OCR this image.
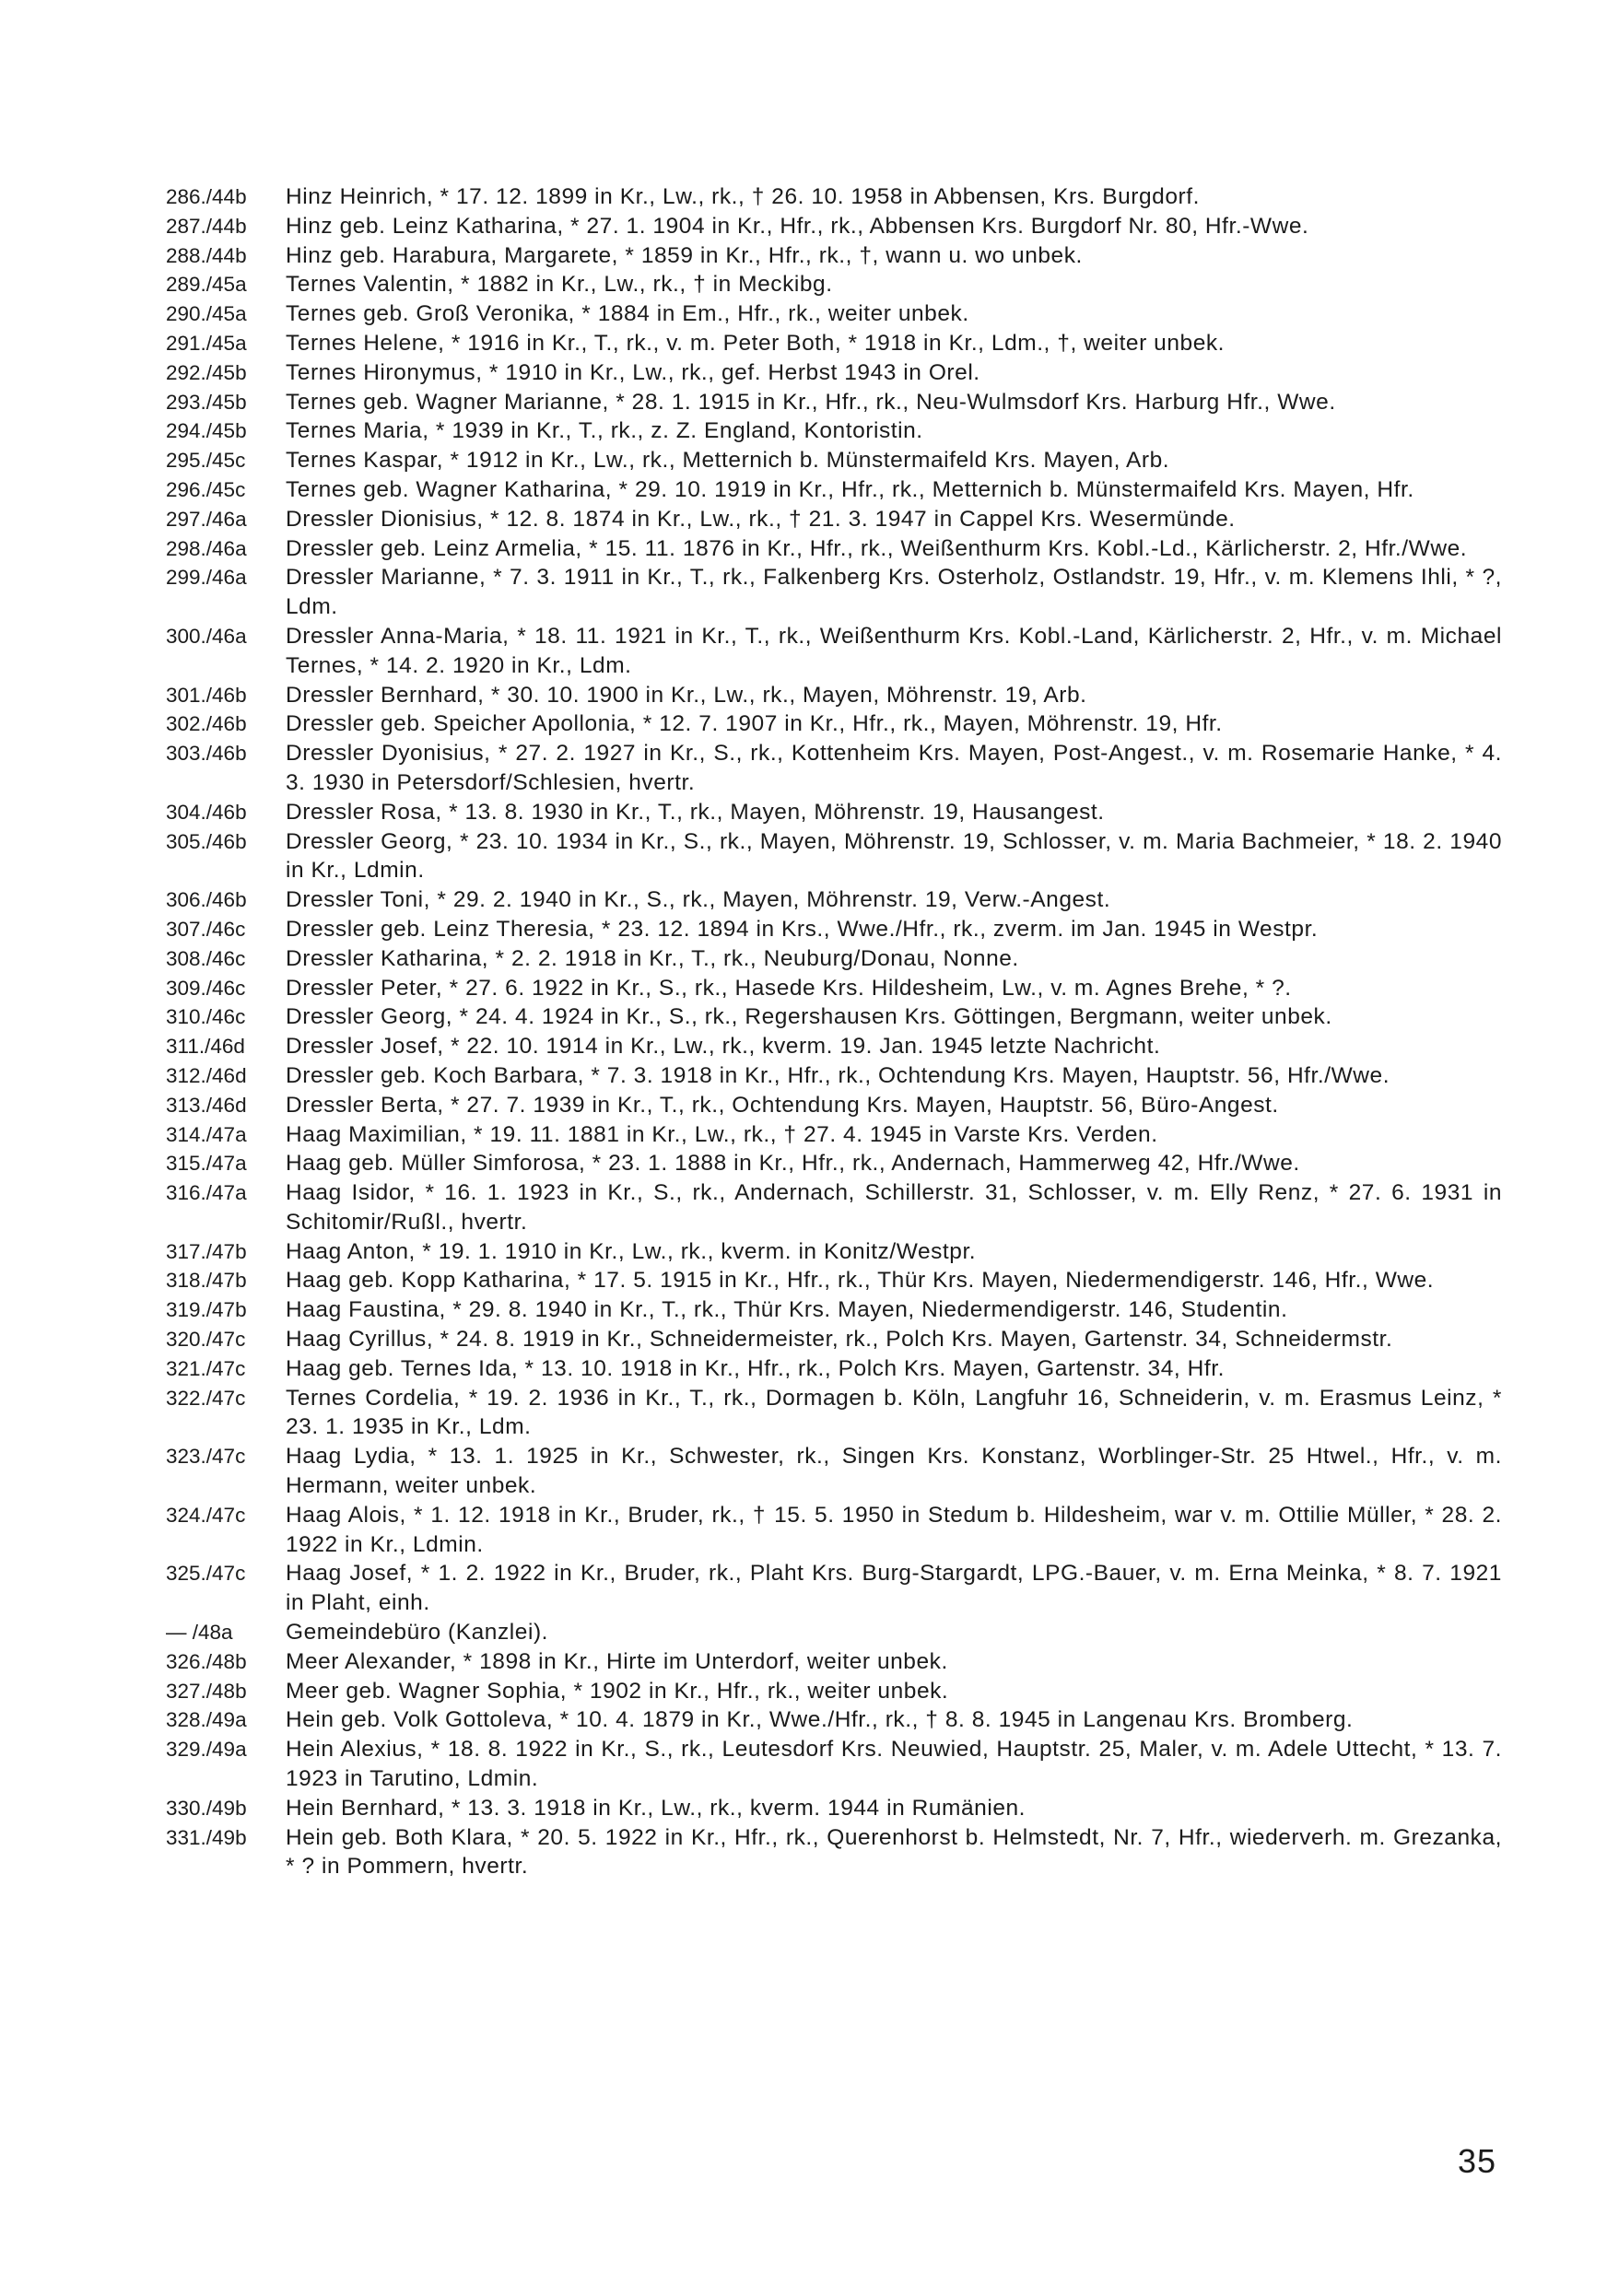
286./44b	Hinz Heinrich, * 17. 12. 1899 in Kr., Lw., rk., † 26. 10. 1958 in Abbensen, Krs. Burgdorf.
287./44b	Hinz geb. Leinz Katharina, * 27. 1. 1904 in Kr., Hfr., rk., Abbensen Krs. Burgdorf Nr. 80, Hfr.-Wwe.
288./44b	Hinz geb. Harabura, Margarete, * 1859 in Kr., Hfr., rk., †, wann u. wo unbek.
289./45a	Ternes Valentin, * 1882 in Kr., Lw., rk., † in Meckibg.
290./45a	Ternes geb. Groß Veronika, * 1884 in Em., Hfr., rk., weiter unbek.
291./45a	Ternes Helene, * 1916 in Kr., T., rk., v. m. Peter Both, * 1918 in Kr., Ldm., †, weiter unbek.
292./45b	Ternes Hironymus, * 1910 in Kr., Lw., rk., gef. Herbst 1943 in Orel.
293./45b	Ternes geb. Wagner Marianne, * 28. 1. 1915 in Kr., Hfr., rk., Neu-Wulmsdorf Krs. Harburg Hfr., Wwe.
294./45b	Ternes Maria, * 1939 in Kr., T., rk., z. Z. England, Kontoristin.
295./45c	Ternes Kaspar, * 1912 in Kr., Lw., rk., Metternich b. Münstermaifeld Krs. Mayen, Arb.
296./45c	Ternes geb. Wagner Katharina, * 29. 10. 1919 in Kr., Hfr., rk., Metternich b. Münstermaifeld Krs. Mayen, Hfr.
297./46a	Dressler Dionisius, * 12. 8. 1874 in Kr., Lw., rk., † 21. 3. 1947 in Cappel Krs. Wesermünde.
298./46a	Dressler geb. Leinz Armelia, * 15. 11. 1876 in Kr., Hfr., rk., Weißenthurm Krs. Kobl.-Ld., Kärlicherstr. 2, Hfr./Wwe.
299./46a	Dressler Marianne, * 7. 3. 1911 in Kr., T., rk., Falkenberg Krs. Osterholz, Ostlandstr. 19, Hfr., v. m. Klemens Ihli, * ?, Ldm.
300./46a	Dressler Anna-Maria, * 18. 11. 1921 in Kr., T., rk., Weißenthurm Krs. Kobl.-Land, Kärlicherstr. 2, Hfr., v. m. Michael Ternes, * 14. 2. 1920 in Kr., Ldm.
301./46b	Dressler Bernhard, * 30. 10. 1900 in Kr., Lw., rk., Mayen, Möhrenstr. 19, Arb.
302./46b	Dressler geb. Speicher Apollonia, * 12. 7. 1907 in Kr., Hfr., rk., Mayen, Möhrenstr. 19, Hfr.
303./46b	Dressler Dyonisius, * 27. 2. 1927 in Kr., S., rk., Kottenheim Krs. Mayen, Post-Angest., v. m. Rosemarie Hanke, * 4. 3. 1930 in Petersdorf/Schlesien, hvertr.
304./46b	Dressler Rosa, * 13. 8. 1930 in Kr., T., rk., Mayen, Möhrenstr. 19, Hausangest.
305./46b	Dressler Georg, * 23. 10. 1934 in Kr., S., rk., Mayen, Möhrenstr. 19, Schlosser, v. m. Maria Bachmeier, * 18. 2. 1940 in Kr., Ldmin.
306./46b	Dressler Toni, * 29. 2. 1940 in Kr., S., rk., Mayen, Möhrenstr. 19, Verw.-Angest.
307./46c	Dressler geb. Leinz Theresia, * 23. 12. 1894 in Krs., Wwe./Hfr., rk., zverm. im Jan. 1945 in Westpr.
308./46c	Dressler Katharina, * 2. 2. 1918 in Kr., T., rk., Neuburg/Donau, Nonne.
309./46c	Dressler Peter, * 27. 6. 1922 in Kr., S., rk., Hasede Krs. Hildesheim, Lw., v. m. Agnes Brehe, * ?.
310./46c	Dressler Georg, * 24. 4. 1924 in Kr., S., rk., Regershausen Krs. Göttingen, Bergmann, weiter unbek.
311./46d	Dressler Josef, * 22. 10. 1914 in Kr., Lw., rk., kverm. 19. Jan. 1945 letzte Nachricht.
312./46d	Dressler geb. Koch Barbara, * 7. 3. 1918 in Kr., Hfr., rk., Ochtendung Krs. Mayen, Hauptstr. 56, Hfr./Wwe.
313./46d	Dressler Berta, * 27. 7. 1939 in Kr., T., rk., Ochtendung Krs. Mayen, Hauptstr. 56, Büro-Angest.
314./47a	Haag Maximilian, * 19. 11. 1881 in Kr., Lw., rk., † 27. 4. 1945 in Varste Krs. Verden.
315./47a	Haag geb. Müller Simforosa, * 23. 1. 1888 in Kr., Hfr., rk., Andernach, Hammerweg 42, Hfr./Wwe.
316./47a	Haag Isidor, * 16. 1. 1923 in Kr., S., rk., Andernach, Schillerstr. 31, Schlosser, v. m. Elly Renz, * 27. 6. 1931 in Schitomir/Rußl., hvertr.
317./47b	Haag Anton, * 19. 1. 1910 in Kr., Lw., rk., kverm. in Konitz/Westpr.
318./47b	Haag geb. Kopp Katharina, * 17. 5. 1915 in Kr., Hfr., rk., Thür Krs. Mayen, Niedermendigerstr. 146, Hfr., Wwe.
319./47b	Haag Faustina, * 29. 8. 1940 in Kr., T., rk., Thür Krs. Mayen, Niedermendigerstr. 146, Studentin.
320./47c	Haag Cyrillus, * 24. 8. 1919 in Kr., Schneidermeister, rk., Polch Krs. Mayen, Gartenstr. 34, Schneidermstr.
321./47c	Haag geb. Ternes Ida, * 13. 10. 1918 in Kr., Hfr., rk., Polch Krs. Mayen, Gartenstr. 34, Hfr.
322./47c	Ternes Cordelia, * 19. 2. 1936 in Kr., T., rk., Dormagen b. Köln, Langfuhr 16, Schneiderin, v. m. Erasmus Leinz, * 23. 1. 1935 in Kr., Ldm.
323./47c	Haag Lydia, * 13. 1. 1925 in Kr., Schwester, rk., Singen Krs. Konstanz, Worblinger-Str. 25 Htwel., Hfr., v. m. Hermann, weiter unbek.
324./47c	Haag Alois, * 1. 12. 1918 in Kr., Bruder, rk., † 15. 5. 1950 in Stedum b. Hildesheim, war v. m. Ottilie Müller, * 28. 2. 1922 in Kr., Ldmin.
325./47c	Haag Josef, * 1. 2. 1922 in Kr., Bruder, rk., Plaht Krs. Burg-Stargardt, LPG.-Bauer, v. m. Erna Meinka, * 8. 7. 1921 in Plaht, einh.
— /48a	Gemeindebüro (Kanzlei).
326./48b	Meer Alexander, * 1898 in Kr., Hirte im Unterdorf, weiter unbek.
327./48b	Meer geb. Wagner Sophia, * 1902 in Kr., Hfr., rk., weiter unbek.
328./49a	Hein geb. Volk Gottoleva, * 10. 4. 1879 in Kr., Wwe./Hfr., rk., † 8. 8. 1945 in Langenau Krs. Bromberg.
329./49a	Hein Alexius, * 18. 8. 1922 in Kr., S., rk., Leutesdorf Krs. Neuwied, Hauptstr. 25, Maler, v. m. Adele Uttecht, * 13. 7. 1923 in Tarutino, Ldmin.
330./49b	Hein Bernhard, * 13. 3. 1918 in Kr., Lw., rk., kverm. 1944 in Rumänien.
331./49b	Hein geb. Both Klara, * 20. 5. 1922 in Kr., Hfr., rk., Querenhorst b. Helmstedt, Nr. 7, Hfr., wiederverh. m. Grezanka, * ? in Pommern, hvertr.
35
